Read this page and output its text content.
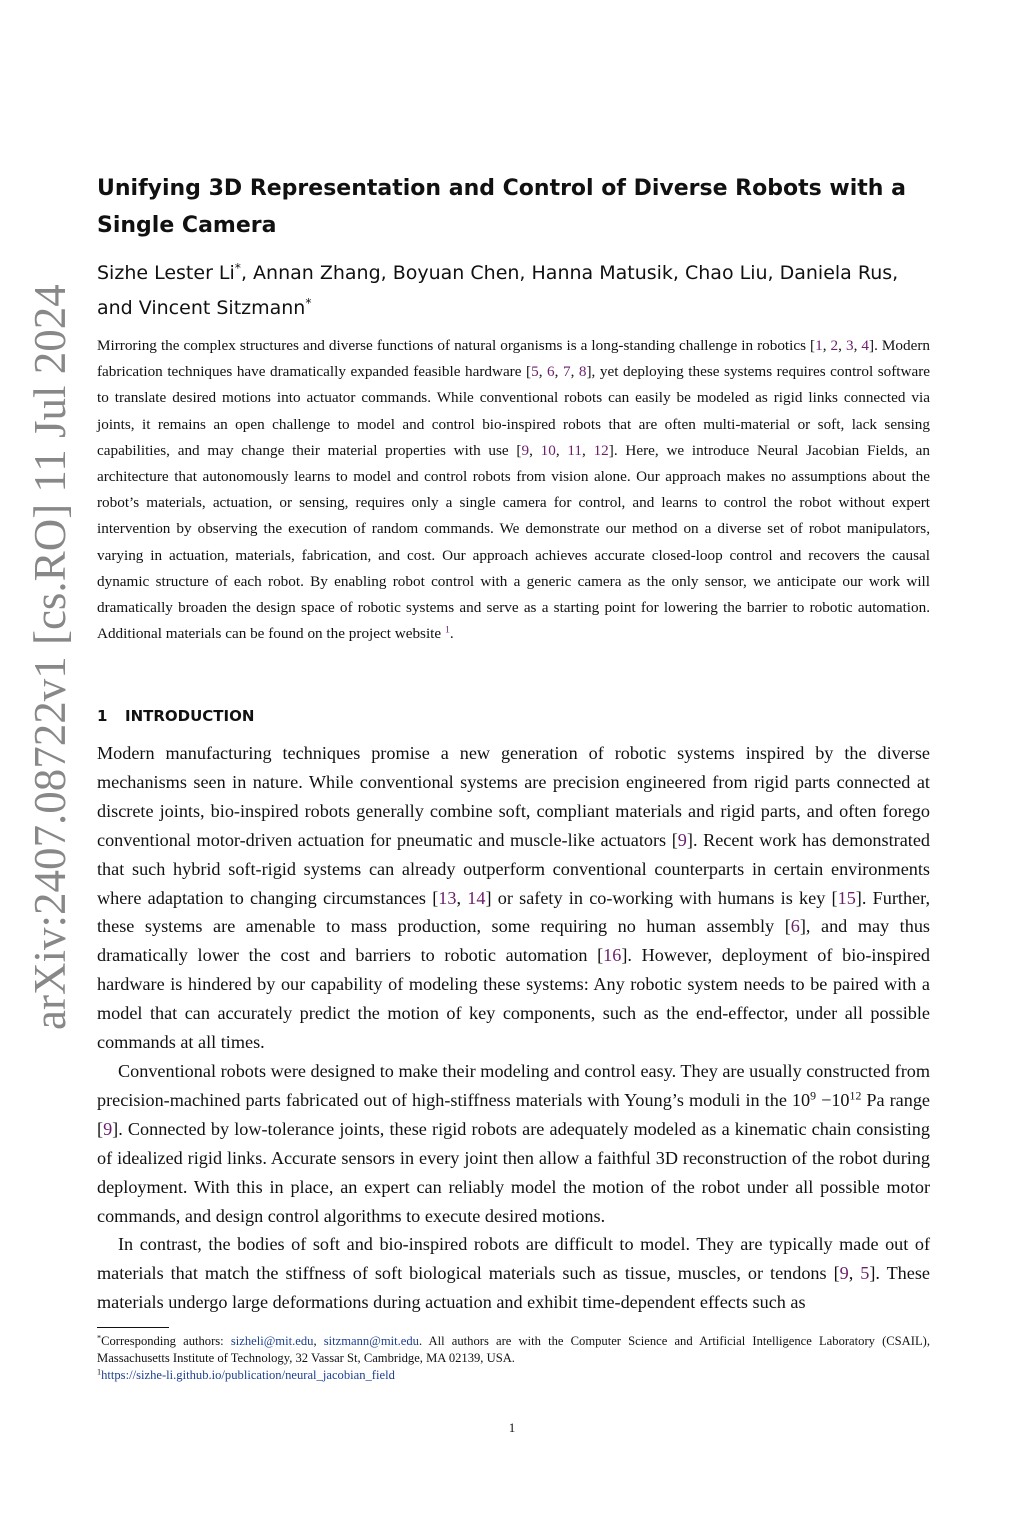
arXiv:2407.08722v1 [cs.RO] 11 Jul 2024
Unifying 3D Representation and Control of Diverse Robots with a Single Camera
Sizhe Lester Li*, Annan Zhang, Boyuan Chen, Hanna Matusik, Chao Liu, Daniela Rus, and Vincent Sitzmann*
Mirroring the complex structures and diverse functions of natural organisms is a long-standing challenge in robotics [1, 2, 3, 4]. Modern fabrication techniques have dramatically expanded feasible hardware [5, 6, 7, 8], yet deploying these systems requires control software to translate desired motions into actuator commands. While conventional robots can easily be modeled as rigid links connected via joints, it remains an open challenge to model and control bio-inspired robots that are often multi-material or soft, lack sensing capabilities, and may change their material properties with use [9, 10, 11, 12]. Here, we introduce Neural Jacobian Fields, an architecture that autonomously learns to model and control robots from vision alone. Our approach makes no assumptions about the robot’s materials, actuation, or sensing, requires only a single camera for control, and learns to control the robot without expert intervention by observing the execution of random commands. We demonstrate our method on a diverse set of robot manipulators, varying in actuation, materials, fabrication, and cost. Our approach achieves accurate closed-loop control and recovers the causal dynamic structure of each robot. By enabling robot control with a generic camera as the only sensor, we anticipate our work will dramatically broaden the design space of robotic systems and serve as a starting point for lowering the barrier to robotic automation. Additional materials can be found on the project website $^1$.
1 INTRODUCTION

Modern manufacturing techniques promise a new generation of robotic systems inspired by the diverse mechanisms seen in nature. While conventional systems are precision engineered from rigid parts connected at discrete joints, bio-inspired robots generally combine soft, compliant materials and rigid parts, and often forego conventional motor-driven actuation for pneumatic and muscle-like actuators [9]. Recent work has demonstrated that such hybrid soft-rigid systems can already outperform conventional counterparts in certain environments where adaptation to changing circumstances [13, 14] or safety in co-working with humans is key [15]. Further, these systems are amenable to mass production, some requiring no human assembly [6], and may thus dramatically lower the cost and barriers to robotic automation [16]. However, deployment of bio-inspired hardware is hindered by our capability of modeling these systems: Any robotic system needs to be paired with a model that can accurately predict the motion of key components, such as the end-effector, under all possible commands at all times.

Conventional robots were designed to make their modeling and control easy. They are usually constructed from precision-machined parts fabricated out of high-stiffness materials with Young’s moduli in the $10^9 -10^{12}$ Pa range [9]. Connected by low-tolerance joints, these rigid robots are adequately modeled as a kinematic chain consisting of idealized rigid links. Accurate sensors in every joint then allow a faithful 3D reconstruction of the robot during deployment. With this in place, an expert can reliably model the motion of the robot under all possible motor commands, and design control algorithms to execute desired motions.

In contrast, the bodies of soft and bio-inspired robots are difficult to model. They are typically made out of materials that match the stiffness of soft biological materials such as tissue, muscles, or tendons [9, 5]. These materials undergo large deformations during actuation and exhibit time-dependent effects such as

*Corresponding authors: sizheli@mit.edu, sitzmann@mit.edu. All authors are with the Computer Science and Artificial Intelligence Laboratory (CSAIL), Massachusetts Institute of Technology, 32 Vassar St, Cambridge, MA 02139, USA.

$^1$https://sizhe-li.github.io/publication/neural_jacobian_field

1
